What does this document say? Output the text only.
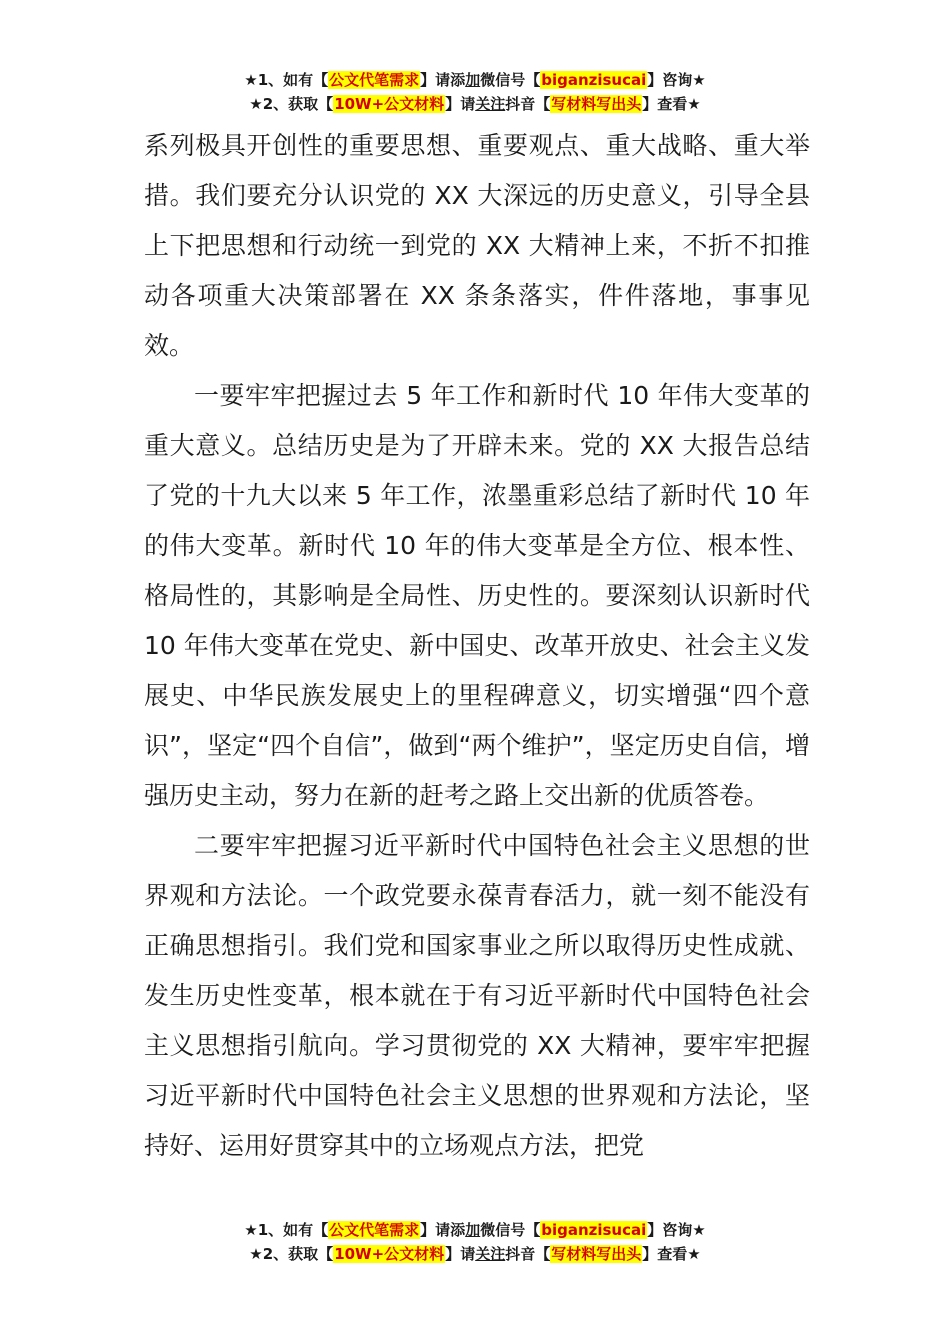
★1、如有【公文代笔需求】请添加微信号【biganzisucai】咨询★
★2、获取【10W+公文材料】请关注抖音【写材料写出头】查看★

系列极具开创性的重要思想、重要观点、重大战略、重大举措。我们要充分认识党的 XX 大深远的历史意义，引导全县上下把思想和行动统一到党的 XX 大精神上来，不折不扣推动各项重大决策部署在 XX 条条落实，件件落地，事事见效。

一要牢牢把握过去 5 年工作和新时代 10 年伟大变革的重大意义。总结历史是为了开辟未来。党的 XX 大报告总结了党的十九大以来 5 年工作，浓墨重彩总结了新时代 10 年的伟大变革。新时代 10 年的伟大变革是全方位、根本性、格局性的，其影响是全局性、历史性的。要深刻认识新时代 10 年伟大变革在党史、新中国史、改革开放史、社会主义发展史、中华民族发展史上的里程碑意义，切实增强“四个意识”，坚定“四个自信”，做到“两个维护”，坚定历史自信，增强历史主动，努力在新的赶考之路上交出新的优质答卷。

二要牢牢把握习近平新时代中国特色社会主义思想的世界观和方法论。一个政党要永葆青春活力，就一刻不能没有正确思想指引。我们党和国家事业之所以取得历史性成就、发生历史性变革，根本就在于有习近平新时代中国特色社会主义思想指引航向。学习贯彻党的 XX 大精神，要牢牢把握习近平新时代中国特色社会主义思想的世界观和方法论，坚持好、运用好贯穿其中的立场观点方法，把党

★1、如有【公文代笔需求】请添加微信号【biganzisucai】咨询★
★2、获取【10W+公文材料】请关注抖音【写材料写出头】查看★
